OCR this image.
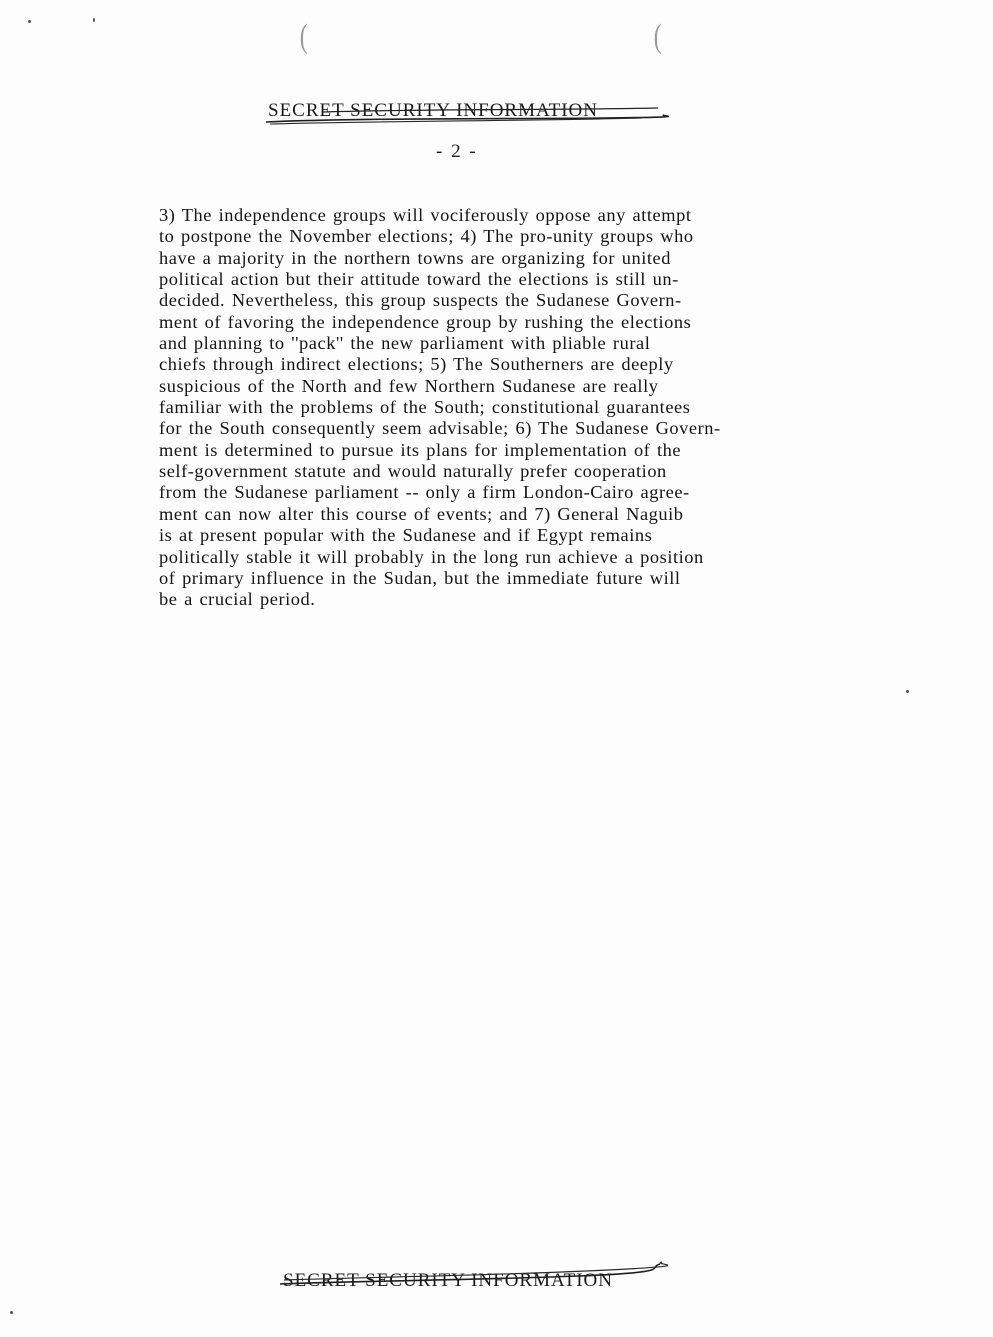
(	(
SECRET SECURITY INFORMATION
- 2 -
3) The independence groups will vociferously oppose any attempt
to postpone the November elections; 4) The pro-unity groups who
have a majority in the northern towns are organizing for united
political action but their attitude toward the elections is still un-
decided. Nevertheless, this group suspects the Sudanese Govern-
ment of favoring the independence group by rushing the elections
and planning to ''pack'' the new parliament with pliable rural
chiefs through indirect elections; 5) The Southerners are deeply
suspicious of the North and few Northern Sudanese are really
familiar with the problems of the South; constitutional guarantees
for the South consequently seem advisable; 6) The Sudanese Govern-
ment is determined to pursue its plans for implementation of the
self-government statute and would naturally prefer cooperation
from the Sudanese parliament -- only a firm London-Cairo agree-
ment can now alter this course of events; and 7) General Naguib
is at present popular with the Sudanese and if Egypt remains
politically stable it will probably in the long run achieve a position
of primary influence in the Sudan, but the immediate future will
be a crucial period.
SECRET SECURITY INFORMATION
